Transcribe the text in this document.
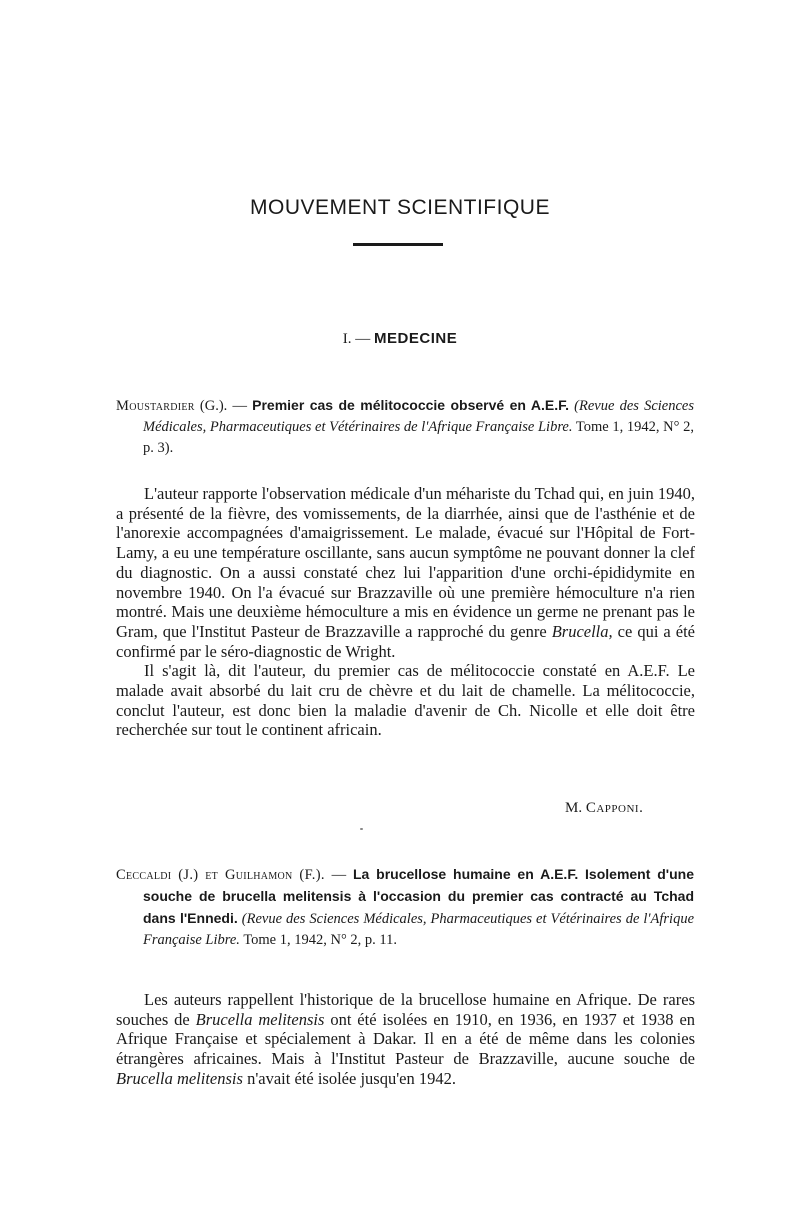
MOUVEMENT SCIENTIFIQUE
I. — MEDECINE
Moustardier (G.). — Premier cas de mélitococcie observé en A.E.F. (Revue des Sciences Médicales, Pharmaceutiques et Vétérinaires de l'Afrique Française Libre. Tome 1, 1942, N° 2, p. 3).

L'auteur rapporte l'observation médicale d'un méhariste du Tchad qui, en juin 1940, a présenté de la fièvre, des vomissements, de la diarrhée, ainsi que de l'asthénie et de l'anorexie accompagnées d'amaigrissement. Le malade, évacué sur l'Hôpital de Fort-Lamy, a eu une température oscillante, sans aucun symptôme ne pouvant donner la clef du diagnostic. On a aussi constaté chez lui l'apparition d'une orchi-épididymite en novembre 1940. On l'a évacué sur Brazzaville où une première hémoculture n'a rien montré. Mais une deuxième hémoculture a mis en évidence un germe ne prenant pas le Gram, que l'Institut Pasteur de Brazzaville a rapproché du genre Brucella, ce qui a été confirmé par le séro-diagnostic de Wright.

Il s'agit là, dit l'auteur, du premier cas de mélitococcie constaté en A.E.F. Le malade avait absorbé du lait cru de chèvre et du lait de chamelle. La mélitococcie, conclut l'auteur, est donc bien la maladie d'avenir de Ch. Nicolle et elle doit être recherchée sur tout le continent africain.

M. Capponi.
Ceccaldi (J.) et Guilhamon (F.). — La brucellose humaine en A.E.F. Isolement d'une souche de brucella melitensis à l'occasion du premier cas contracté au Tchad dans l'Ennedi. (Revue des Sciences Médicales, Pharmaceutiques et Vétérinaires de l'Afrique Française Libre. Tome 1, 1942, N° 2, p. 11.

Les auteurs rappellent l'historique de la brucellose humaine en Afrique. De rares souches de Brucella melitensis ont été isolées en 1910, en 1936, en 1937 et 1938 en Afrique Française et spécialement à Dakar. Il en a été de même dans les colonies étrangères africaines. Mais à l'Institut Pasteur de Brazzaville, aucune souche de Brucella melitensis n'avait été isolée jusqu'en 1942.
